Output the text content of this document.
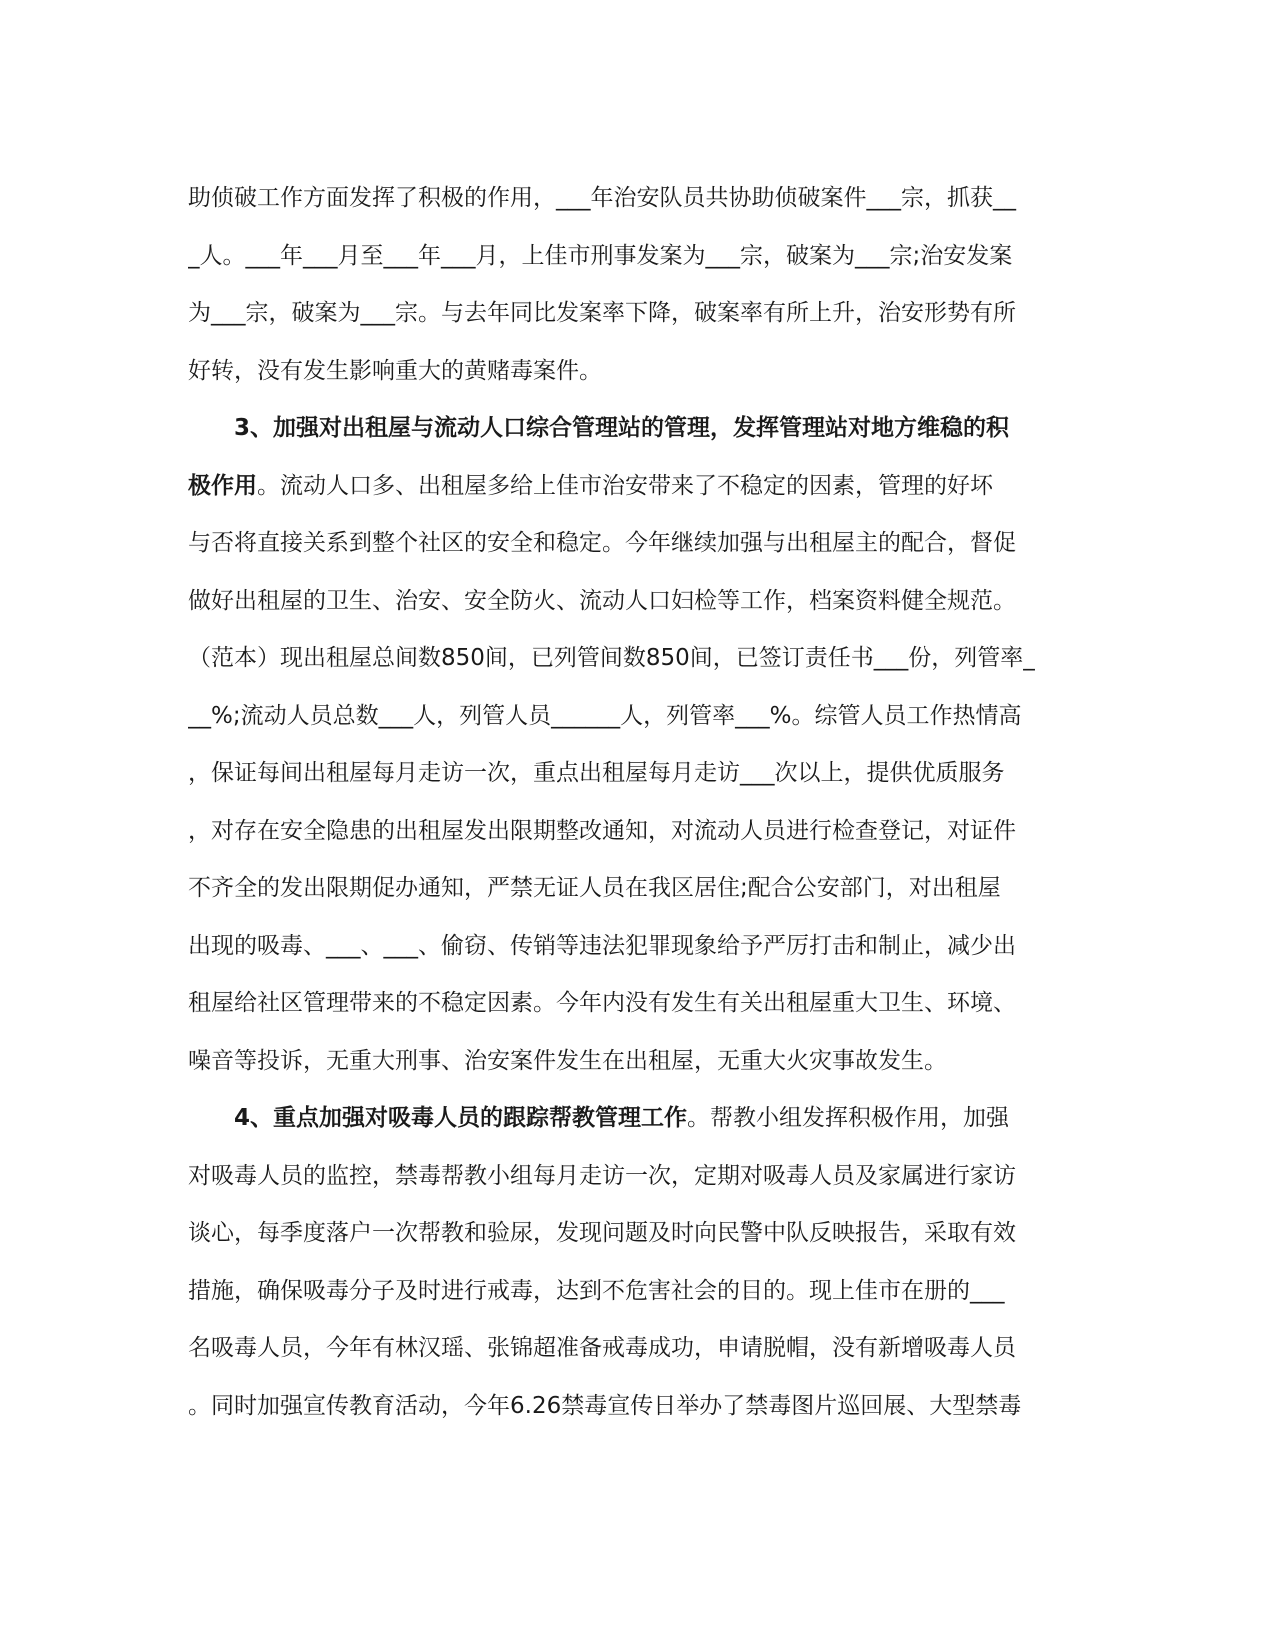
助侦破工作方面发挥了积极的作用，___年治安队员共协助侦破案件___宗，抓获__
_人。___年___月至___年___月，上佳市刑事发案为___宗，破案为___宗;治安发案
为___宗，破案为___宗。与去年同比发案率下降，破案率有所上升，治安形势有所
好转，没有发生影响重大的黄赌毒案件。
3、加强对出租屋与流动人口综合管理站的管理，发挥管理站对地方维稳的积
极作用。流动人口多、出租屋多给上佳市治安带来了不稳定的因素，管理的好坏
与否将直接关系到整个社区的安全和稳定。今年继续加强与出租屋主的配合，督促
做好出租屋的卫生、治安、安全防火、流动人口妇检等工作，档案资料健全规范。
（范本）现出租屋总间数850间，已列管间数850间，已签订责任书___份，列管率_
__%;流动人员总数___人，列管人员______人，列管率___%。综管人员工作热情高
，保证每间出租屋每月走访一次，重点出租屋每月走访___次以上，提供优质服务
，对存在安全隐患的出租屋发出限期整改通知，对流动人员进行检查登记，对证件
不齐全的发出限期促办通知，严禁无证人员在我区居住;配合公安部门，对出租屋
出现的吸毒、___、___、偷窃、传销等违法犯罪现象给予严厉打击和制止，减少出
租屋给社区管理带来的不稳定因素。今年内没有发生有关出租屋重大卫生、环境、
噪音等投诉，无重大刑事、治安案件发生在出租屋，无重大火灾事故发生。
4、重点加强对吸毒人员的跟踪帮教管理工作。帮教小组发挥积极作用，加强
对吸毒人员的监控，禁毒帮教小组每月走访一次，定期对吸毒人员及家属进行家访
谈心，每季度落户一次帮教和验尿，发现问题及时向民警中队反映报告，采取有效
措施，确保吸毒分子及时进行戒毒，达到不危害社会的目的。现上佳市在册的___
名吸毒人员，今年有林汉瑶、张锦超准备戒毒成功，申请脱帽，没有新增吸毒人员
。同时加强宣传教育活动，今年6.26禁毒宣传日举办了禁毒图片巡回展、大型禁毒
